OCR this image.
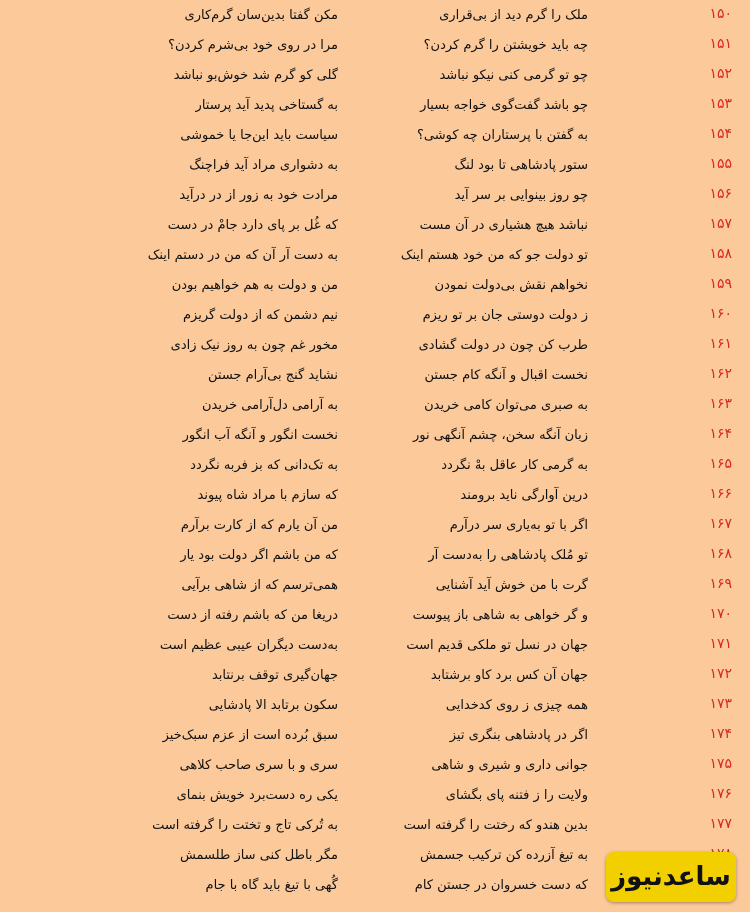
۱۵۰
ملک را گرم دید از بی‌قراری
مکن گفتا بدین‌سان گرم‌کاری
۱۵۱
چه باید خویشتن را گرم کردن؟
مرا در روی خود بی‌شرم کردن؟
۱۵۲
چو تو گرمی کنی نیکو نباشد
گلی کو گرم شد خوش‌بو نباشد
۱۵۳
چو باشد گفت‌گوی خواجه بسیار
به گستاخی پدید آید پرستار
۱۵۴
به گفتن با پرستاران چه کوشی؟
سیاست باید این‌جا یا خموشی
۱۵۵
ستور پادشاهی تا بود لنگ
به دشواری مراد آید فراچنگ
۱۵۶
چو روز بینوایی بر سر آید
مرادت خود به زور از در درآید
۱۵۷
نباشد هیچ هشیاری در آن مست
که غُل بر پای دارد جامْ در دست
۱۵۸
تو دولت جو که من خود هستم اینک
به دست آر آن که من در دستم اینک
۱۵۹
نخواهم نقش بی‌دولت نمودن
من و دولت به هم خواهیم بودن
۱۶۰
ز دولت دوستی جان بر تو ریزم
نیم دشمن که از دولت گریزم
۱۶۱
طرب کن چون در دولت گشادی
مخور غم چون به روز نیک زادی
۱۶۲
نخست اقبال و آنگه کام جستن
نشاید گنج بی‌آرام جستن
۱۶۳
به صبری می‌توان کامی خریدن
به آرامی دل‌آرامی خریدن
۱۶۴
زبان آنگه سخن، چشم آنگهی نور
نخست انگور و آنگه آب انگور
۱۶۵
به گرمی کار عاقل بهْ نگردد
به تک‌دانی که بز فربه نگردد
۱۶۶
درین آوارگی ناید برومند
که سازم با مراد شاه پیوند
۱۶۷
اگر با تو به‌یاری سر درآرم
من آن یارم که از کارت برآرم
۱۶۸
تو مُلک پادشاهی را به‌دست آر
که من باشم اگر دولت بود یار
۱۶۹
گرت با من خوش آید آشنایی
همی‌ترسم که از شاهی برآیی
۱۷۰
و گر خواهی به شاهی باز پیوست
دریغا من که باشم رفته از دست
۱۷۱
جهان در نسل تو ملکی قدیم است
به‌دست دیگران عیبی عظیم است
۱۷۲
جهان آن کس برد کاو برشتابد
جهان‌گیری توقف برنتابد
۱۷۳
همه چیزی ز روی کدخدایی
سکون برتابد الا پادشایی
۱۷۴
اگر در پادشاهی بنگری تیز
سبق بُرده است از عزم سبک‌خیز
۱۷۵
جوانی داری و شیری و شاهی
سری و با سری صاحب کلاهی
۱۷۶
ولایت را ز فتنه پای بگشای
یکی ره دست‌برد خویش بنمای
۱۷۷
بدین هندو که رختت را گرفته است
به تُرکی تاج و تختت را گرفته است
به تیغ آزرده کن ترکیب جسمش
مگر باطل کنی ساز طلسمش
که دست خسروان در جستن کام
گُهی با تیغ باید گاه با جام	ساعدنیوز
